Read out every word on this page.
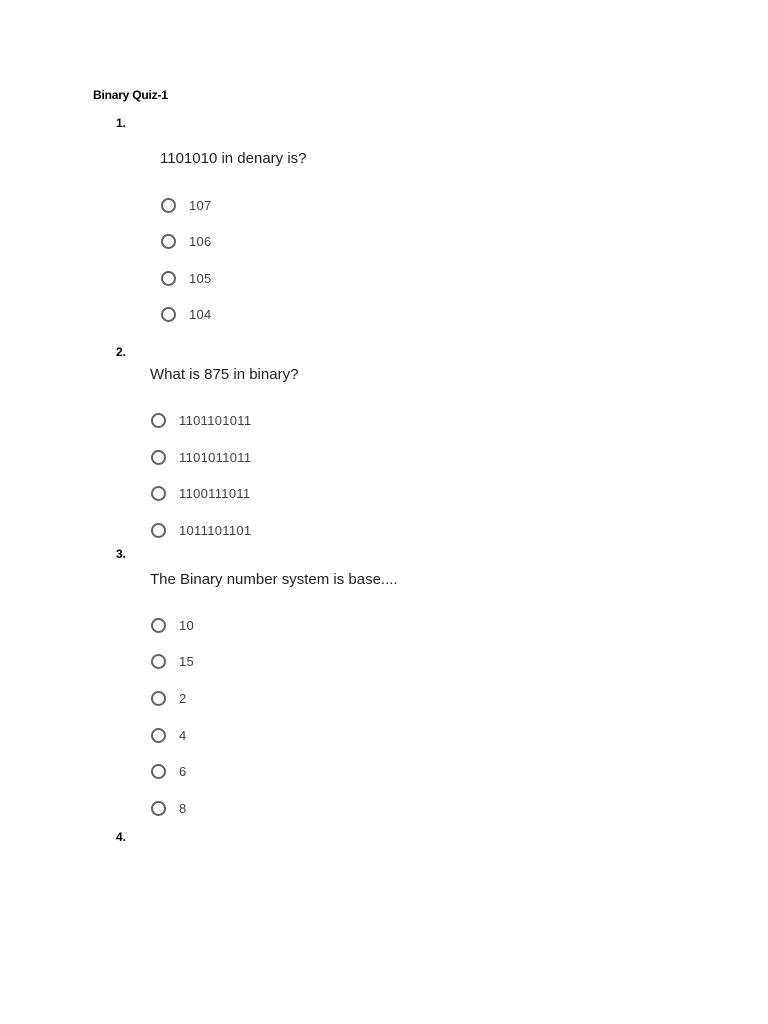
Binary Quiz-1
1.
1101010 in denary is?
107
106
105
104
2.
What is 875 in binary?
1101101011
1101011011
1100111011
1011101101
3.
The Binary number system is base....
10
15
2
4
6
8
4.
